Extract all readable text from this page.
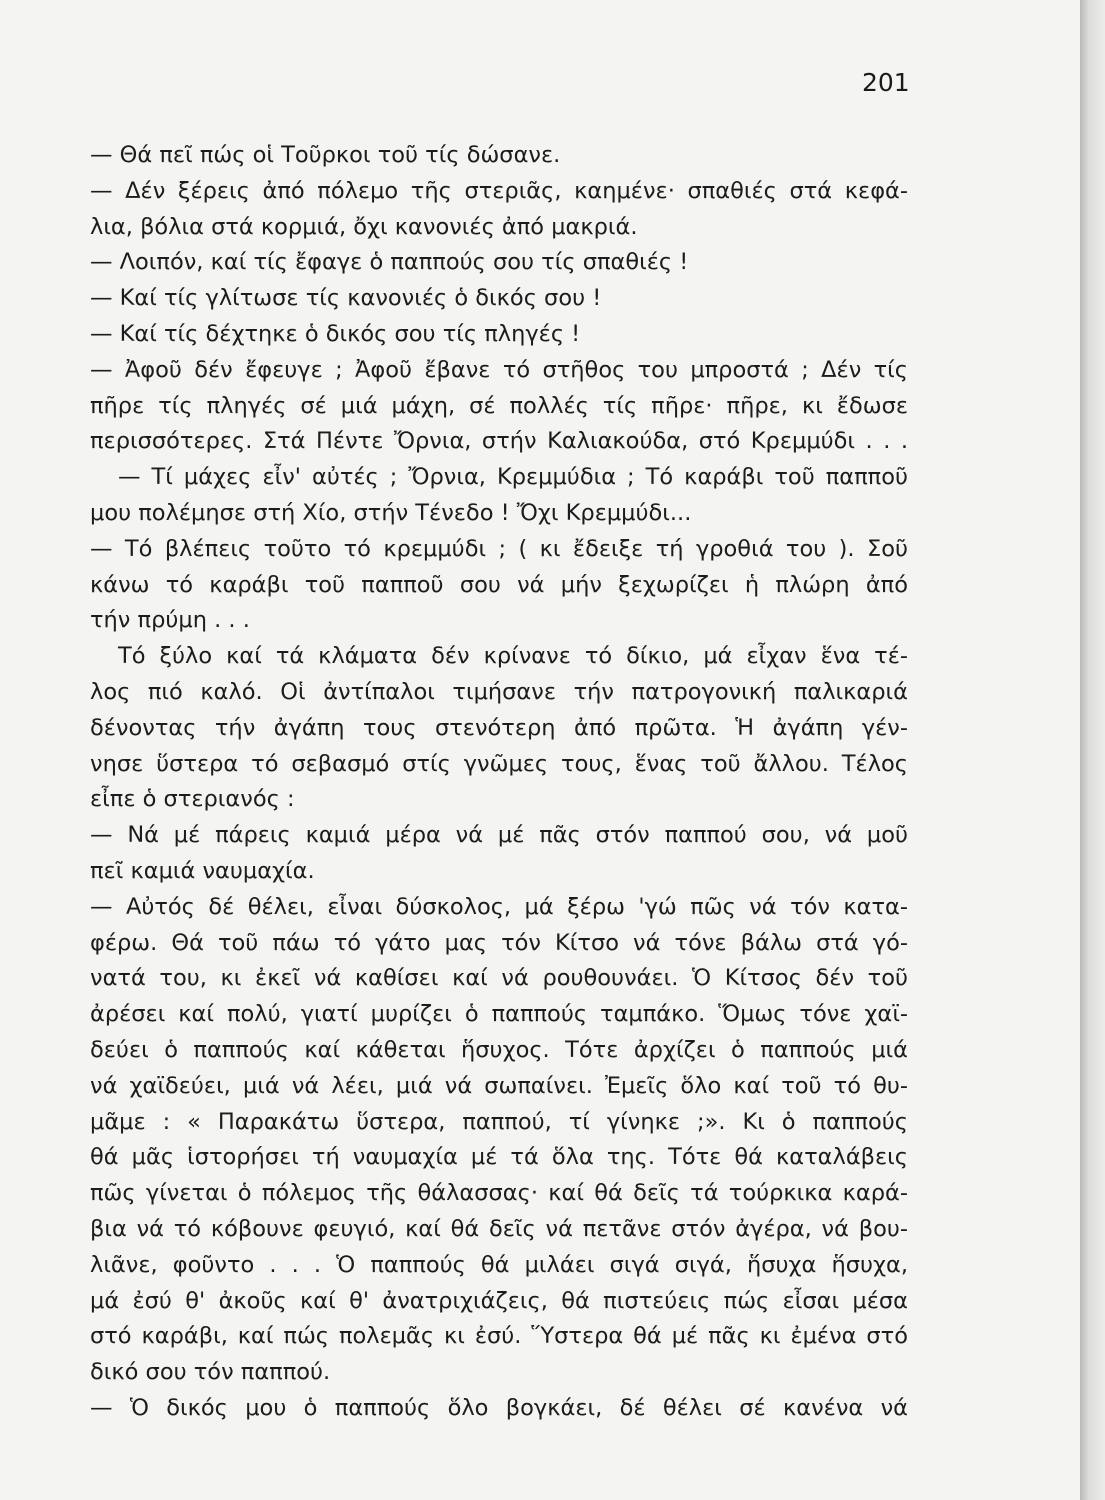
201

— Θά πεῖ πώς οἱ Τοῦρκοι τοῦ τίς δώσανε.
— Δέν ξέρεις ἀπό πόλεμο τῆς στεριᾶς, καημένε· σπαθιές στά κεφά-
λια, βόλια στά κορμιά, ὄχι κανονιές ἀπό μακριά.
— Λοιπόν, καί τίς ἔφαγε ὁ παππούς σου τίς σπαθιές !
— Καί τίς γλίτωσε τίς κανονιές ὁ δικός σου !
— Καί τίς δέχτηκε ὁ δικός σου τίς πληγές !
— Ἀφοῦ δέν ἔφευγε ; Ἀφοῦ ἔβανε τό στῆθος του μπροστά ; Δέν τίς
πῆρε τίς πληγές σέ μιά μάχη, σέ πολλές τίς πῆρε· πῆρε, κι ἔδωσε
περισσότερες. Στά Πέντε Ὄρνια, στήν Καλιακούδα, στό Κρεμμύδι . . .
— Τί μάχες εἶν' αὐτές ; Ὄρνια, Κρεμμύδια ; Τό καράβι τοῦ παπποῦ
μου πολέμησε στή Χίο, στήν Τένεδο ! Ὄχι Κρεμμύδι...
— Τό βλέπεις τοῦτο τό κρεμμύδι ; ( κι ἔδειξε τή γροθιά του ). Σοῦ
κάνω τό καράβι τοῦ παπποῦ σου νά μήν ξεχωρίζει ἡ πλώρη ἀπό
τήν πρύμη . . .
Τό ξύλο καί τά κλάματα δέν κρίνανε τό δίκιο, μά εἶχαν ἕνα τέ-
λος πιό καλό. Οἱ ἀντίπαλοι τιμήσανε τήν πατρογονική παλικαριά
δένοντας τήν ἀγάπη τους στενότερη ἀπό πρῶτα. Ἡ ἀγάπη γέν-
νησε ὕστερα τό σεβασμό στίς γνῶμες τους, ἕνας τοῦ ἄλλου. Τέλος
εἶπε ὁ στεριανός :
— Νά μέ πάρεις καμιά μέρα νά μέ πᾶς στόν παππού σου, νά μοῦ
πεῖ καμιά ναυμαχία.
— Αὐτός δέ θέλει, εἶναι δύσκολος, μά ξέρω 'γώ πῶς νά τόν κατα-
φέρω. Θά τοῦ πάω τό γάτο μας τόν Κίτσο νά τόνε βάλω στά γό-
νατά του, κι ἐκεῖ νά καθίσει καί νά ρουθουνάει. Ὁ Κίτσος δέν τοῦ
ἀρέσει καί πολύ, γιατί μυρίζει ὁ παππούς ταμπάκο. Ὅμως τόνε χαϊ-
δεύει ὁ παππούς καί κάθεται ἥσυχος. Τότε ἀρχίζει ὁ παππούς μιά
νά χαϊδεύει, μιά νά λέει, μιά νά σωπαίνει. Ἐμεῖς ὅλο καί τοῦ τό θυ-
μᾶμε : « Παρακάτω ὕστερα, παππού, τί γίνηκε ;». Κι ὁ παππούς
θά μᾶς ἱστορήσει τή ναυμαχία μέ τά ὅλα της. Τότε θά καταλάβεις
πῶς γίνεται ὁ πόλεμος τῆς θάλασσας· καί θά δεῖς τά τούρκικα καρά-
βια νά τό κόβουνε φευγιό, καί θά δεῖς νά πετᾶνε στόν ἀγέρα, νά βου-
λιᾶνε, φοῦντο . . . Ὁ παππούς θά μιλάει σιγά σιγά, ἥσυχα ἥσυχα,
μά ἐσύ θ' ἀκοῦς καί θ' ἀνατριχιάζεις, θά πιστεύεις πώς εἶσαι μέσα
στό καράβι, καί πώς πολεμᾶς κι ἐσύ. Ὕστερα θά μέ πᾶς κι ἐμένα στό
δικό σου τόν παππού.
— Ὁ δικός μου ὁ παππούς ὅλο βογκάει, δέ θέλει σέ κανένα νά
